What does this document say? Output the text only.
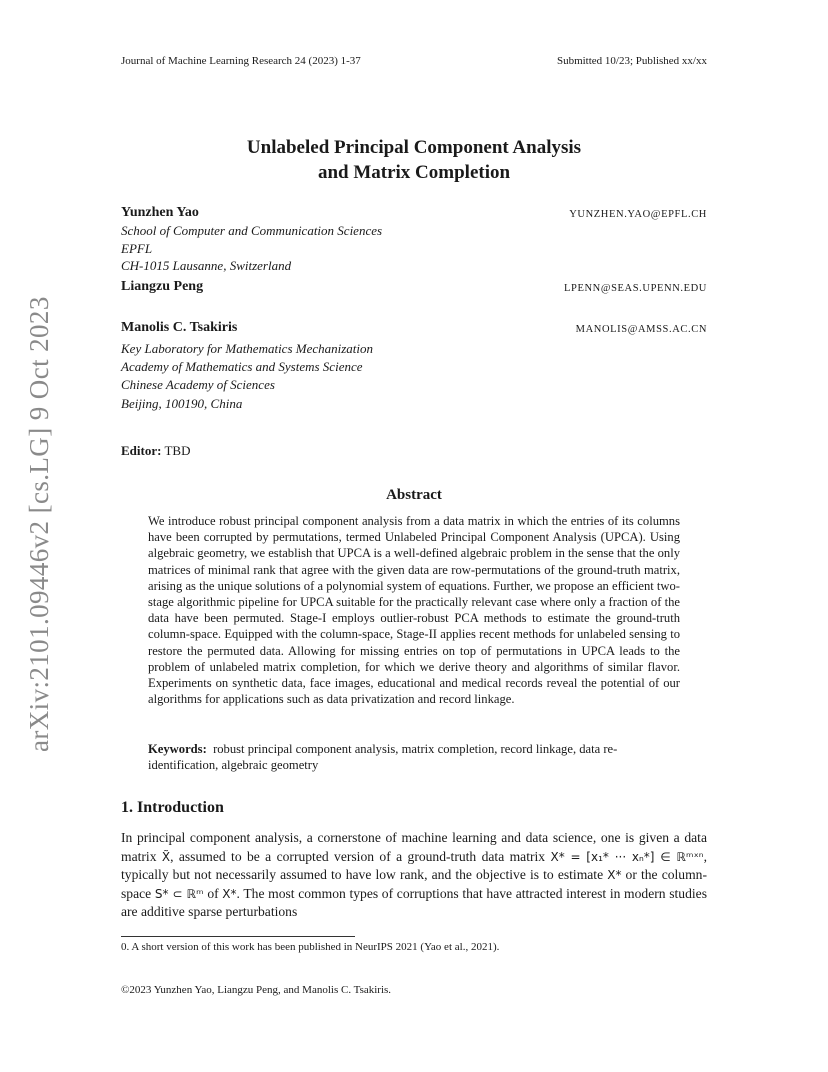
Journal of Machine Learning Research 24 (2023) 1-37	Submitted 10/23; Published xx/xx
arXiv:2101.09446v2 [cs.LG] 9 Oct 2023
Unlabeled Principal Component Analysis
and Matrix Completion
Yunzhen Yao	YUNZHEN.YAO@EPFL.CH
School of Computer and Communication Sciences
EPFL
CH-1015 Lausanne, Switzerland
Liangzu Peng	LPENN@SEAS.UPENN.EDU
Manolis C. Tsakiris	MANOLIS@AMSS.AC.CN
Key Laboratory for Mathematics Mechanization
Academy of Mathematics and Systems Science
Chinese Academy of Sciences
Beijing, 100190, China
Editor: TBD
Abstract
We introduce robust principal component analysis from a data matrix in which the entries of its columns have been corrupted by permutations, termed Unlabeled Principal Component Analysis (UPCA). Using algebraic geometry, we establish that UPCA is a well-defined algebraic problem in the sense that the only matrices of minimal rank that agree with the given data are row-permutations of the ground-truth matrix, arising as the unique solutions of a polynomial system of equations. Further, we propose an efficient two-stage algorithmic pipeline for UPCA suitable for the practically relevant case where only a fraction of the data have been permuted. Stage-I employs outlier-robust PCA methods to estimate the ground-truth column-space. Equipped with the column-space, Stage-II applies recent methods for unlabeled sensing to restore the permuted data. Allowing for missing entries on top of permutations in UPCA leads to the problem of unlabeled matrix completion, for which we derive theory and algorithms of similar flavor. Experiments on synthetic data, face images, educational and medical records reveal the potential of our algorithms for applications such as data privatization and record linkage.
Keywords: robust principal component analysis, matrix completion, record linkage, data re-identification, algebraic geometry
1. Introduction
In principal component analysis, a cornerstone of machine learning and data science, one is given a data matrix X̃, assumed to be a corrupted version of a ground-truth data matrix X* = [x₁* ··· xₙ*] ∈ ℝᵐˣⁿ, typically but not necessarily assumed to have low rank, and the objective is to estimate X* or the column-space S* ⊂ ℝᵐ of X*. The most common types of corruptions that have attracted interest in modern studies are additive sparse perturbations
0. A short version of this work has been published in NeurIPS 2021 (Yao et al., 2021).
©2023 Yunzhen Yao, Liangzu Peng, and Manolis C. Tsakiris.
